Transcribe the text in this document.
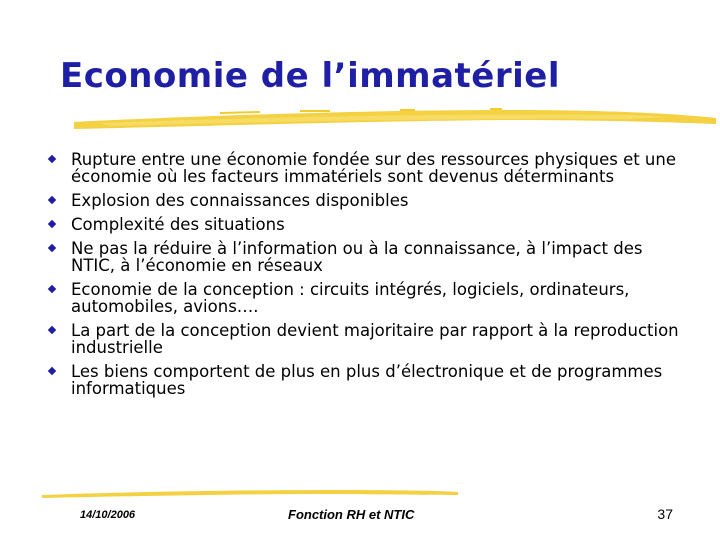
Economie de l’immatériel
Rupture entre une économie fondée sur des ressources physiques et une économie où les facteurs immatériels sont devenus déterminants
Explosion des connaissances disponibles
Complexité des situations
Ne pas la réduire à l’information ou à la connaissance, à l’impact des NTIC, à l’économie en réseaux
Economie de la conception : circuits intégrés, logiciels, ordinateurs, automobiles, avions….
La part de la conception devient majoritaire par rapport à la reproduction industrielle
Les biens comportent de plus en plus d’électronique et de programmes informatiques
14/10/2006	Fonction RH et NTIC	37
